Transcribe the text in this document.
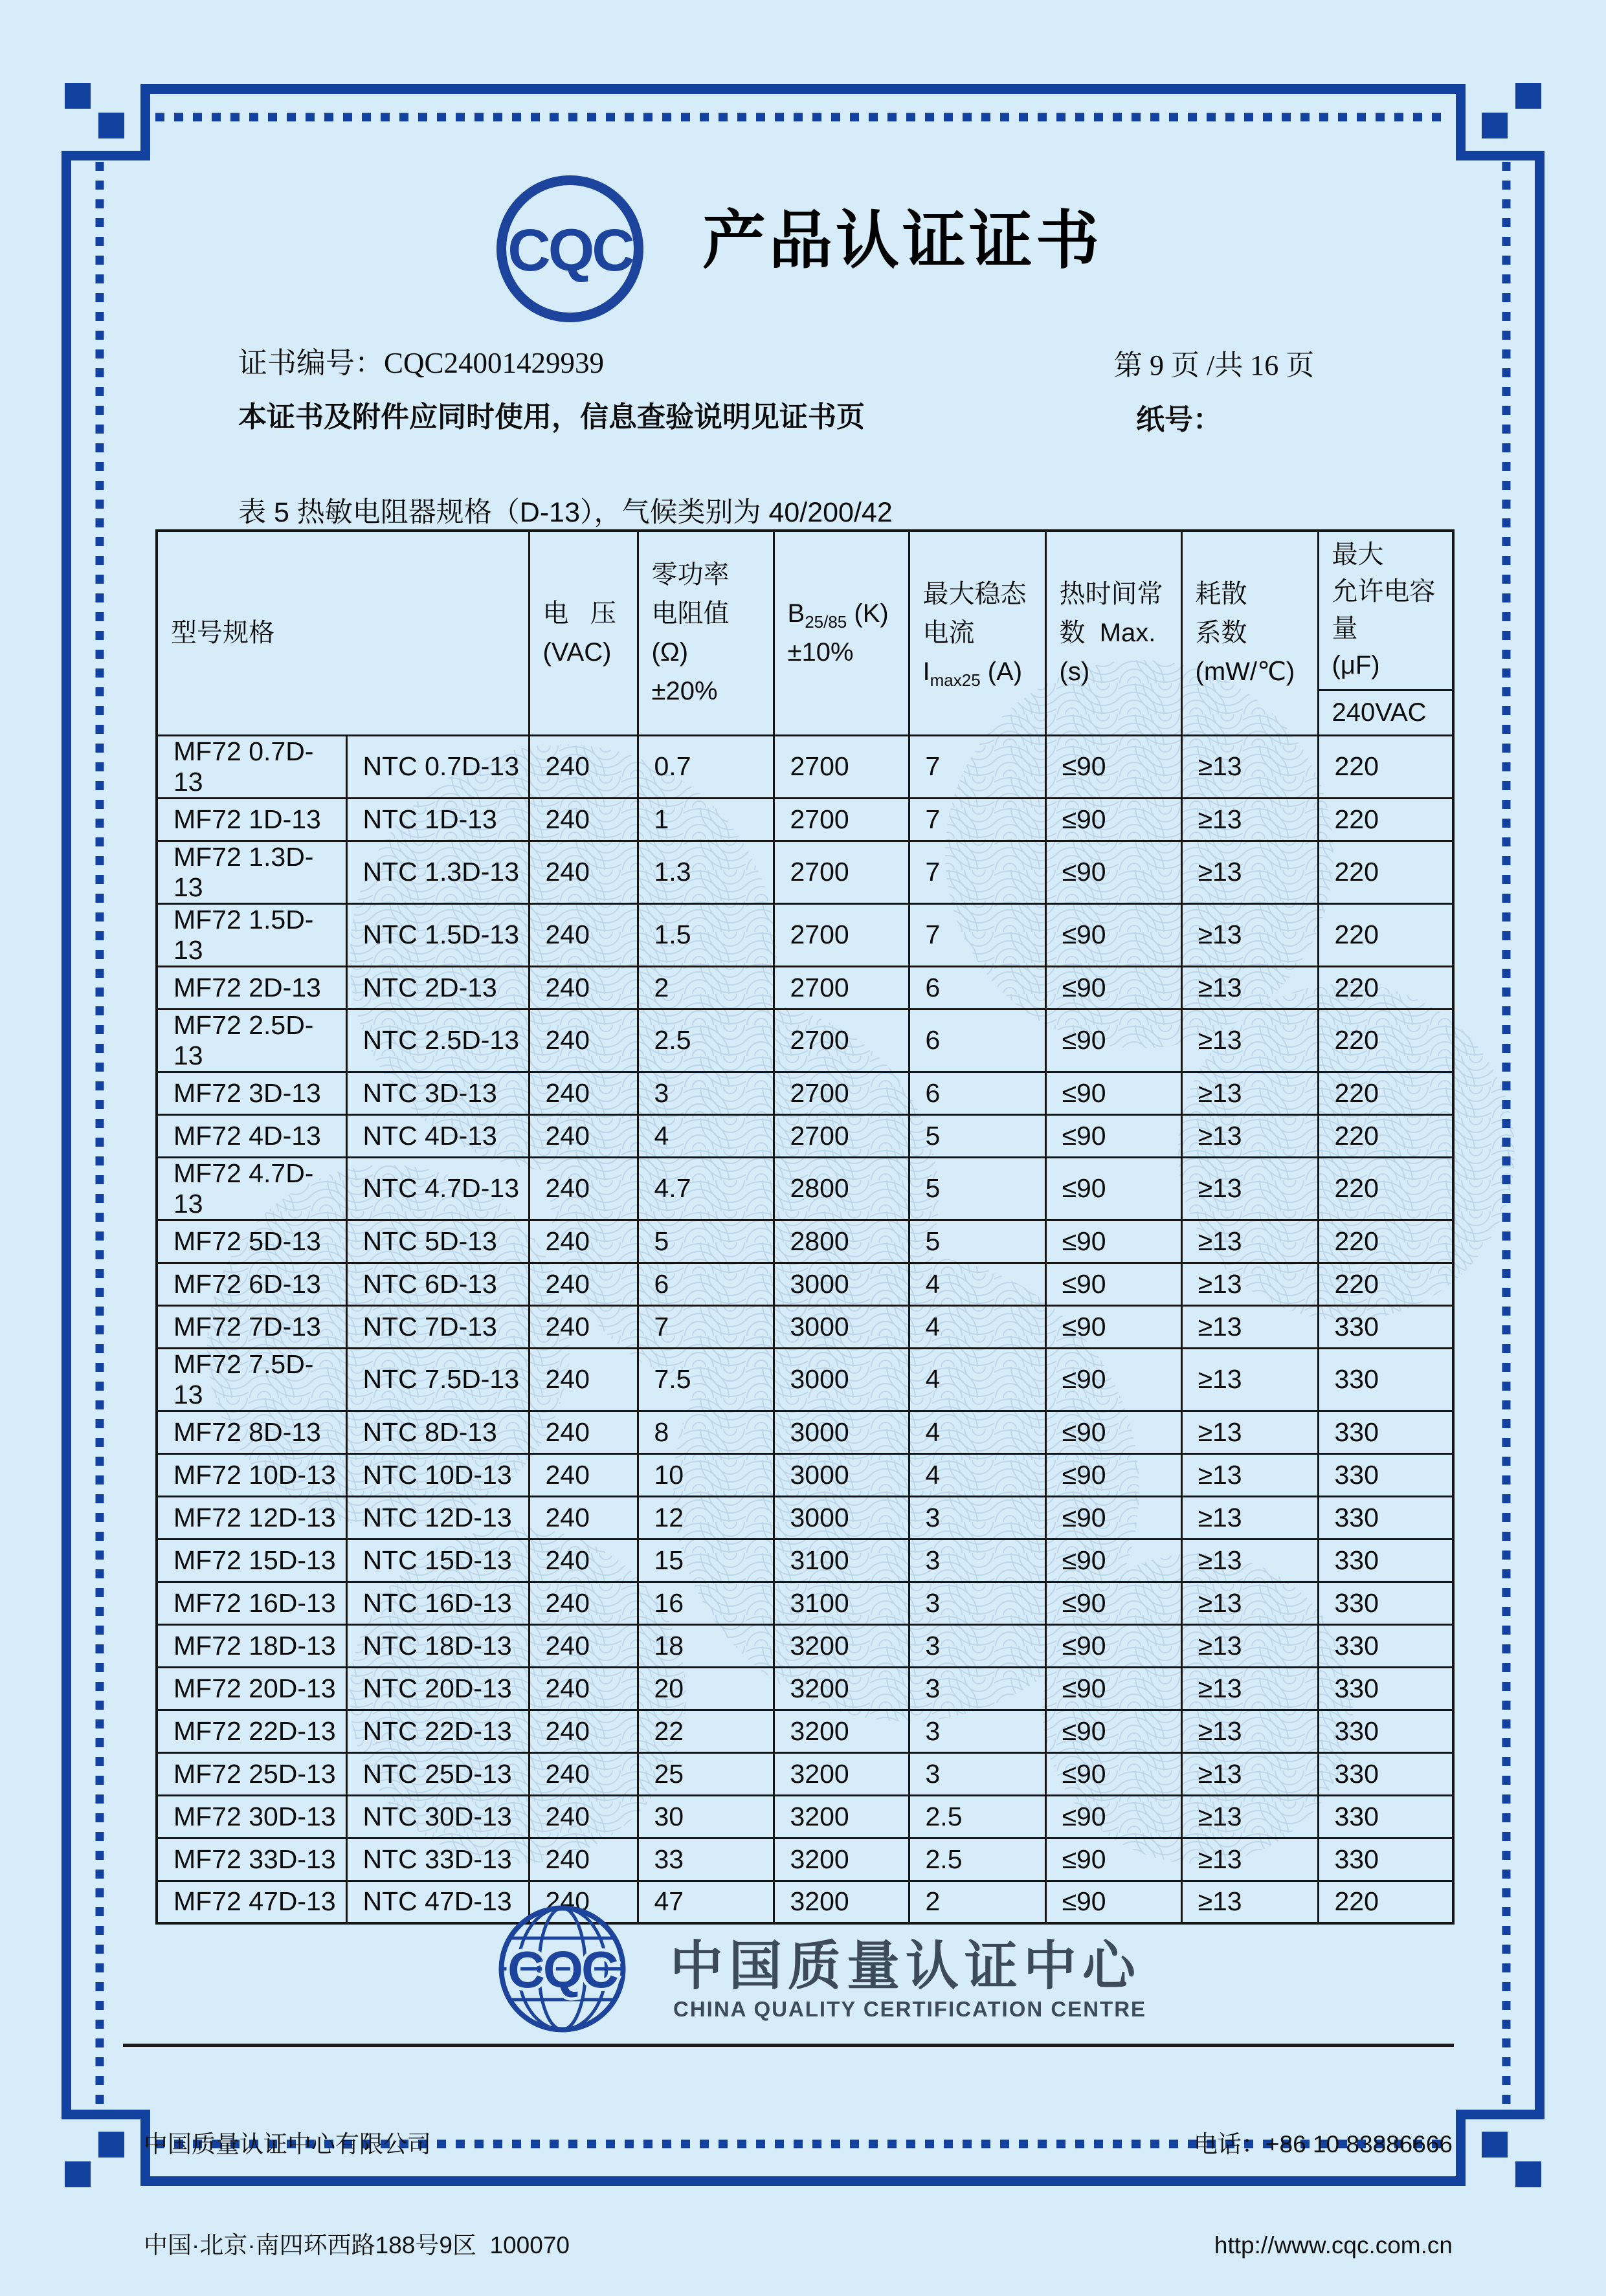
CQC 产品认证证书
证书编号：CQC24001429939	第 9 页 /共 16 页
本证书及附件应同时使用，信息查验说明见证书页	纸号：
表 5 热敏电阻器规格（D-13），气候类别为 40/200/42
型号规格

电   压
(VAC)

零功率
电阻值
(Ω)
±20%

$B_{25/85}$ (K)
±10%

最大稳态
电流
$I_{max25}$ (A)

热时间常
数  Max.
(s)

耗散
系数
(mW/℃)

最大
允许电容
量
(μF)

								240VAC
MF72 0.7D-13	NTC 0.7D-13	240	0.7	2700	7	≤90	≥13	220
MF72 1D-13	NTC 1D-13	240	1	2700	7	≤90	≥13	220
MF72 1.3D-13	NTC 1.3D-13	240	1.3	2700	7	≤90	≥13	220
MF72 1.5D-13	NTC 1.5D-13	240	1.5	2700	7	≤90	≥13	220
MF72 2D-13	NTC 2D-13	240	2	2700	6	≤90	≥13	220
MF72 2.5D-13	NTC 2.5D-13	240	2.5	2700	6	≤90	≥13	220
MF72 3D-13	NTC 3D-13	240	3	2700	6	≤90	≥13	220
MF72 4D-13	NTC 4D-13	240	4	2700	5	≤90	≥13	220
MF72 4.7D-13	NTC 4.7D-13	240	4.7	2800	5	≤90	≥13	220
MF72 5D-13	NTC 5D-13	240	5	2800	5	≤90	≥13	220
MF72 6D-13	NTC 6D-13	240	6	3000	4	≤90	≥13	220
MF72 7D-13	NTC 7D-13	240	7	3000	4	≤90	≥13	330
MF72 7.5D-13	NTC 7.5D-13	240	7.5	3000	4	≤90	≥13	330
MF72 8D-13	NTC 8D-13	240	8	3000	4	≤90	≥13	330
MF72 10D-13	NTC 10D-13	240	10	3000	4	≤90	≥13	330
MF72 12D-13	NTC 12D-13	240	12	3000	3	≤90	≥13	330
MF72 15D-13	NTC 15D-13	240	15	3100	3	≤90	≥13	330
MF72 16D-13	NTC 16D-13	240	16	3100	3	≤90	≥13	330
MF72 18D-13	NTC 18D-13	240	18	3200	3	≤90	≥13	330
MF72 20D-13	NTC 20D-13	240	20	3200	3	≤90	≥13	330
MF72 22D-13	NTC 22D-13	240	22	3200	3	≤90	≥13	330
MF72 25D-13	NTC 25D-13	240	25	3200	3	≤90	≥13	330
MF72 30D-13	NTC 30D-13	240	30	3200	2.5	≤90	≥13	330
MF72 33D-13	NTC 33D-13	240	33	3200	2.5	≤90	≥13	330
MF72 47D-13	NTC 47D-13	240	47	3200	2	≤90	≥13	220
CQC 中国质量认证中心
CHINA QUALITY CERTIFICATION CENTRE

中国质量认证中心有限公司

中国·北京·南四环西路188号9区  100070

电话：+86 10 83886666

http://www.cqc.com.cn
